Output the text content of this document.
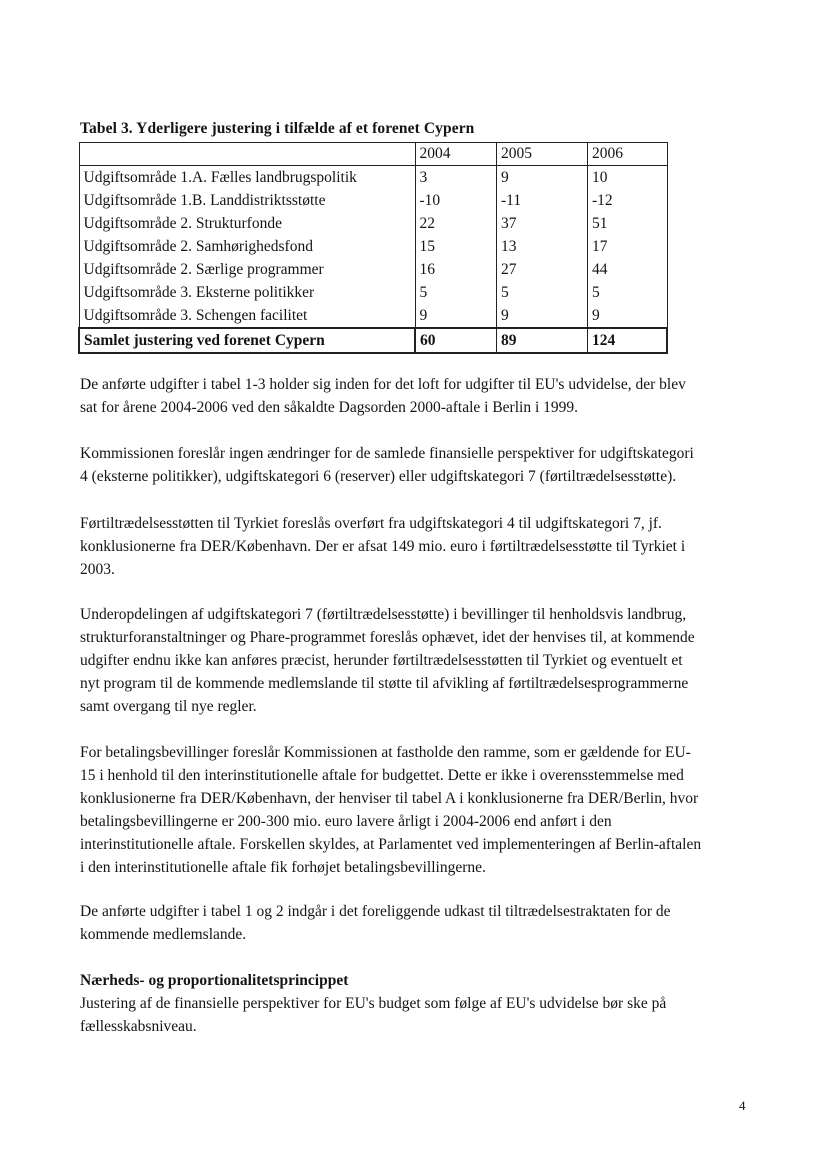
Tabel 3. Yderligere justering i tilfælde af et forenet Cypern
	2004	2005	2006
Udgiftsområde 1.A. Fælles landbrugspolitik	3	9	10
Udgiftsområde 1.B. Landdistriktsstøtte	-10	-11	-12
Udgiftsområde 2. Strukturfonde	22	37	51
Udgiftsområde 2. Samhørighedsfond	15	13	17
Udgiftsområde 2. Særlige programmer	16	27	44
Udgiftsområde 3. Eksterne politikker	5	5	5
Udgiftsområde 3. Schengen facilitet	9	9	9
Samlet justering ved forenet Cypern	60	89	124

De anførte udgifter i tabel 1-3 holder sig inden for det loft for udgifter til EU's udvidelse, der blev

sat for årene 2004-2006 ved den såkaldte Dagsorden 2000-aftale i Berlin i 1999.

Kommissionen foreslår ingen ændringer for de samlede finansielle perspektiver for udgiftskategori

4 (eksterne politikker), udgiftskategori 6 (reserver) eller udgiftskategori 7 (førtiltrædelsesstøtte).

Førtiltrædelsesstøtten til Tyrkiet foreslås overført fra udgiftskategori 4 til udgiftskategori 7, jf.

konklusionerne fra DER/København. Der er afsat 149 mio. euro i førtiltrædelsesstøtte til Tyrkiet i

2003.

Underopdelingen af udgiftskategori 7 (førtiltrædelsesstøtte) i bevillinger til henholdsvis landbrug,

strukturforanstaltninger og Phare-programmet foreslås ophævet, idet der henvises til, at kommende

udgifter endnu ikke kan anføres præcist, herunder førtiltrædelsesstøtten til Tyrkiet og eventuelt et

nyt program til de kommende medlemslande til støtte til afvikling af førtiltrædelsesprogrammerne

samt overgang til nye regler.

For betalingsbevillinger foreslår Kommissionen at fastholde den ramme, som er gældende for EU-

15 i henhold til den interinstitutionelle aftale for budgettet. Dette er ikke i overensstemmelse med

konklusionerne fra DER/København, der henviser til tabel A i konklusionerne fra DER/Berlin, hvor

betalingsbevillingerne er 200-300 mio. euro lavere årligt i 2004-2006 end anført i den

interinstitutionelle aftale. Forskellen skyldes, at Parlamentet ved implementeringen af Berlin-aftalen

i den interinstitutionelle aftale fik forhøjet betalingsbevillingerne.

De anførte udgifter i tabel 1 og 2 indgår i det foreliggende udkast til tiltrædelsestraktaten for de

kommende medlemslande.

Nærheds- og proportionalitetsprincippet

Justering af de finansielle perspektiver for EU's budget som følge af EU's udvidelse bør ske på

fællesskabsniveau.

4
